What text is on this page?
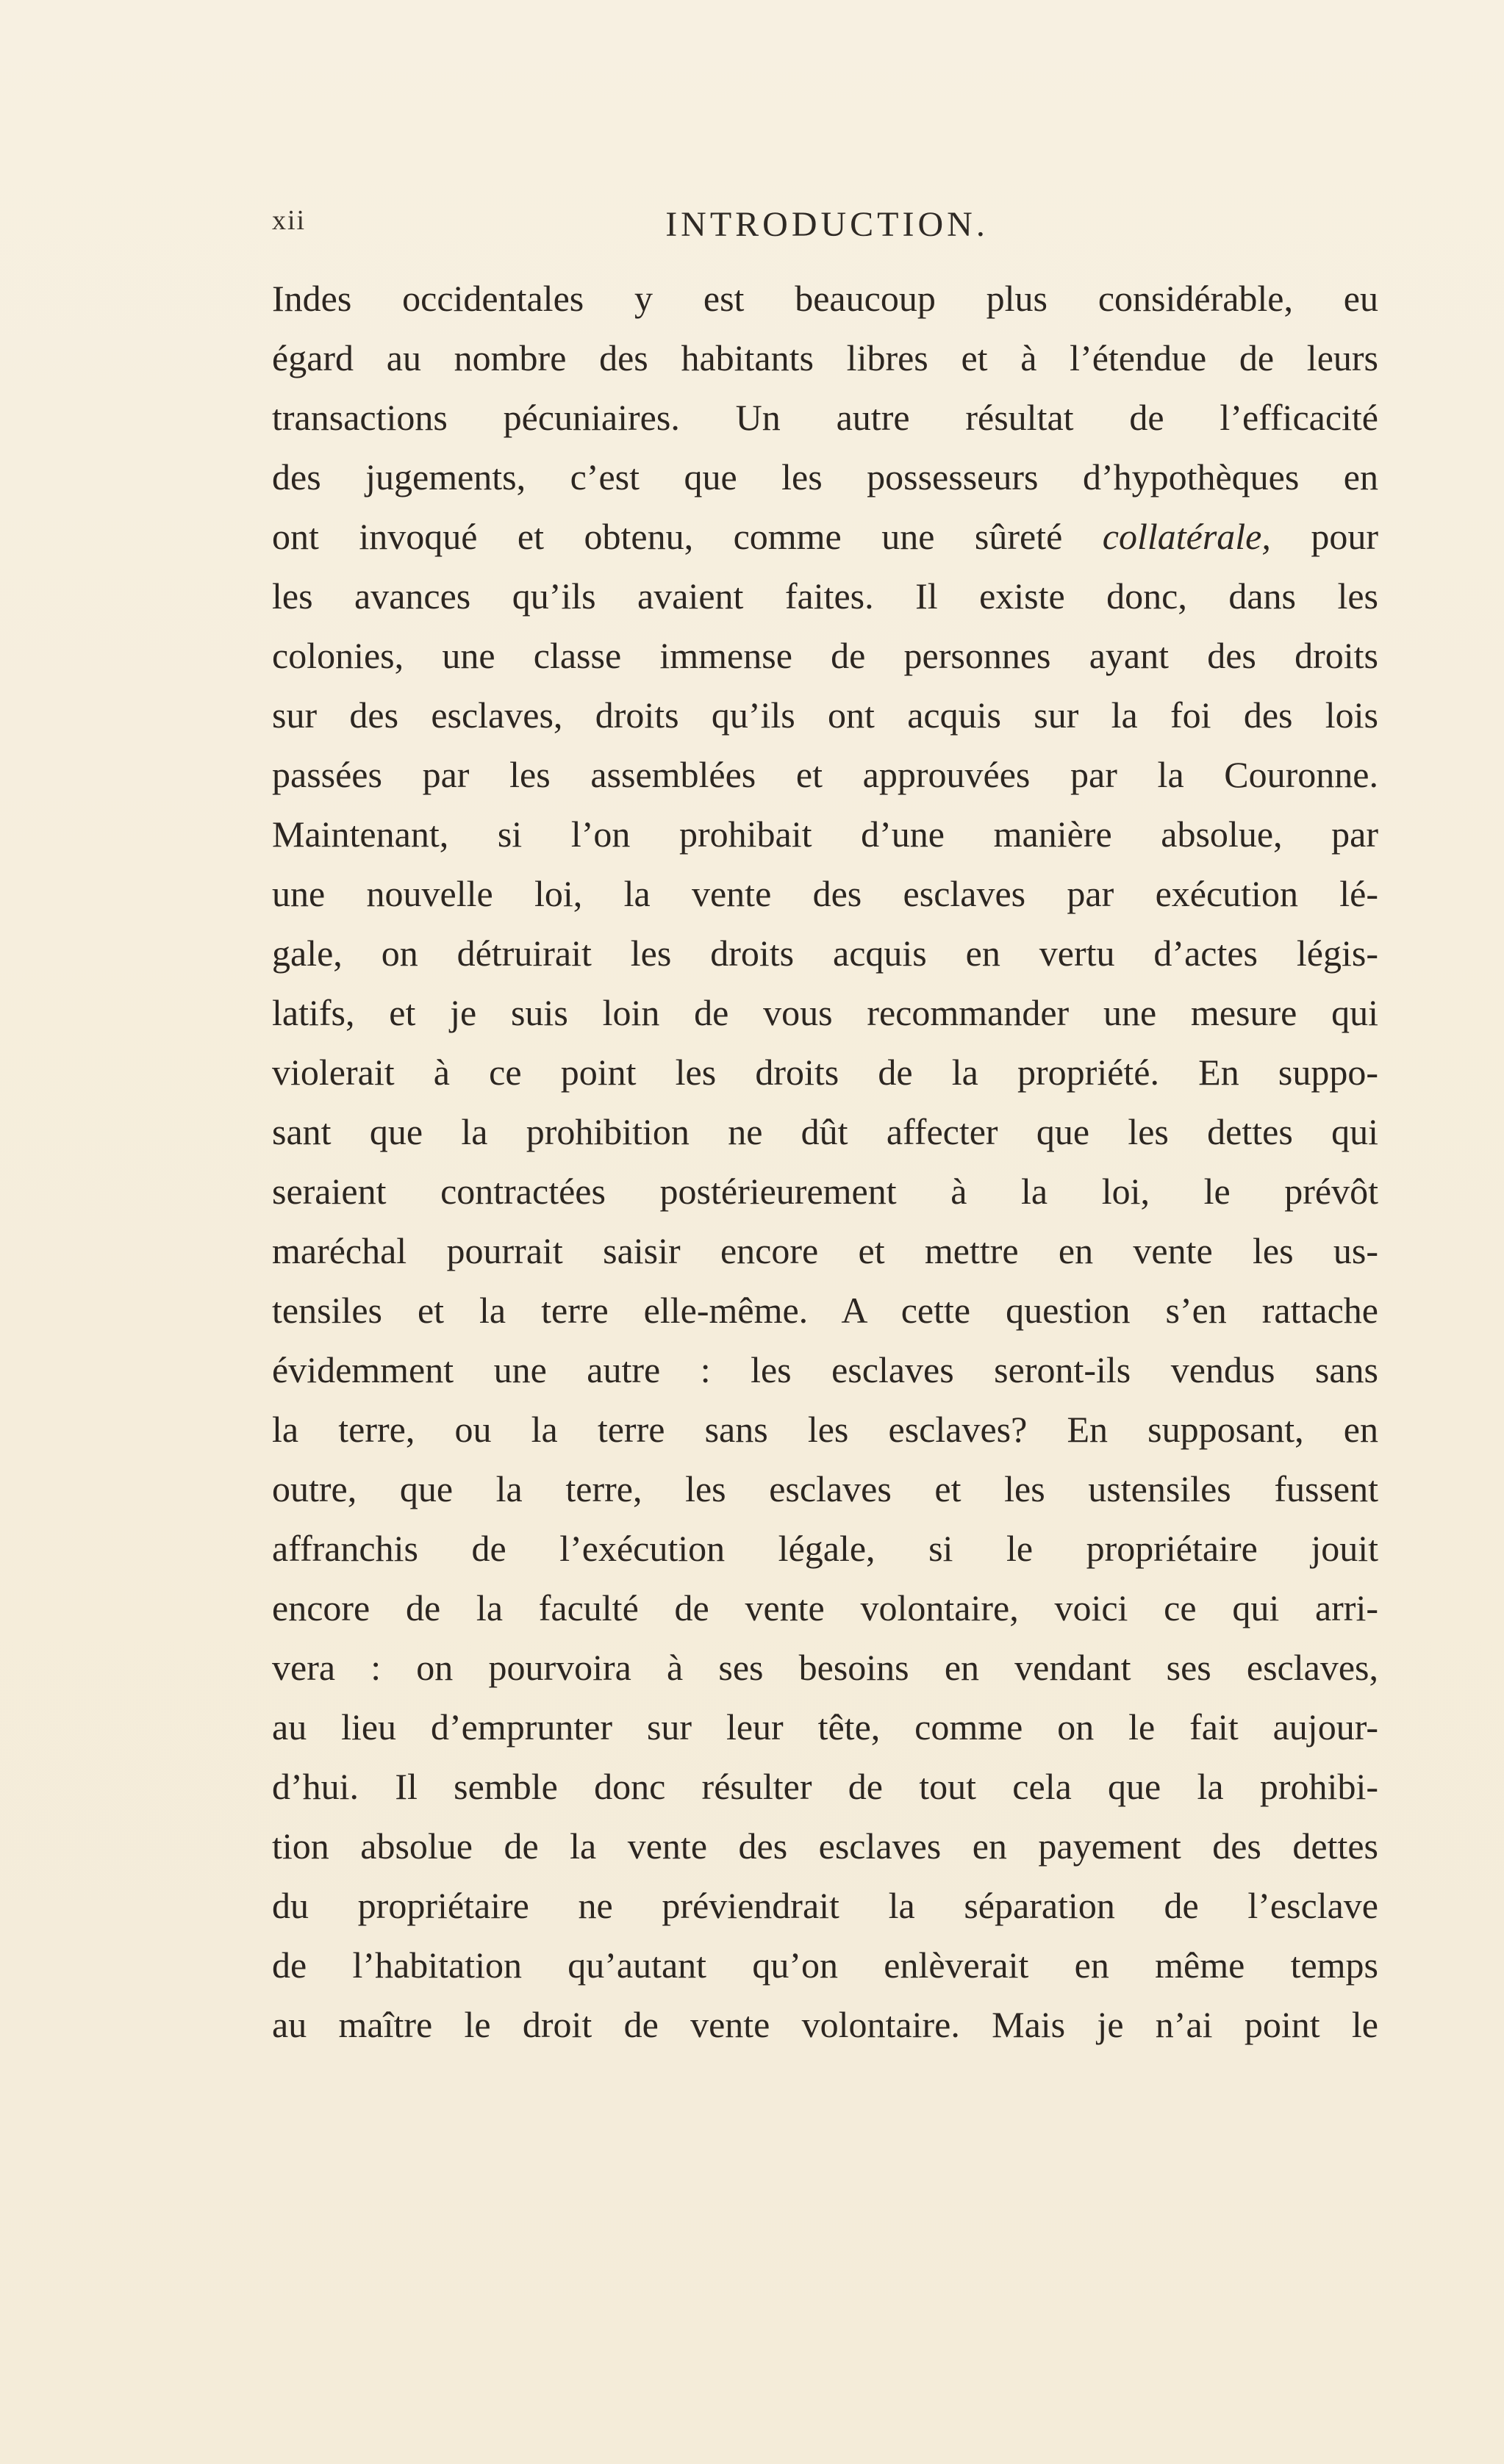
xii	INTRODUCTION.
Indes occidentales y est beaucoup plus considérable, eu
égard au nombre des habitants libres et à l’étendue de leurs
transactions pécuniaires. Un autre résultat de l’efficacité
des jugements, c’est que les possesseurs d’hypothèques en
ont invoqué et obtenu, comme une sûreté collatérale, pour
les avances qu’ils avaient faites. Il existe donc, dans les
colonies, une classe immense de personnes ayant des droits
sur des esclaves, droits qu’ils ont acquis sur la foi des lois
passées par les assemblées et approuvées par la Couronne.
Maintenant, si l’on prohibait d’une manière absolue, par
une nouvelle loi, la vente des esclaves par exécution lé-
gale, on détruirait les droits acquis en vertu d’actes légis-
latifs, et je suis loin de vous recommander une mesure qui
violerait à ce point les droits de la propriété. En suppo-
sant que la prohibition ne dût affecter que les dettes qui
seraient contractées postérieurement à la loi, le prévôt
maréchal pourrait saisir encore et mettre en vente les us-
tensiles et la terre elle-même. A cette question s’en rattache
évidemment une autre : les esclaves seront-ils vendus sans
la terre, ou la terre sans les esclaves? En supposant, en
outre, que la terre, les esclaves et les ustensiles fussent
affranchis de l’exécution légale, si le propriétaire jouit
encore de la faculté de vente volontaire, voici ce qui arri-
vera : on pourvoira à ses besoins en vendant ses esclaves,
au lieu d’emprunter sur leur tête, comme on le fait aujour-
d’hui. Il semble donc résulter de tout cela que la prohibi-
tion absolue de la vente des esclaves en payement des dettes
du propriétaire ne préviendrait la séparation de l’esclave
de l’habitation qu’autant qu’on enlèverait en même temps
au maître le droit de vente volontaire. Mais je n’ai point le
